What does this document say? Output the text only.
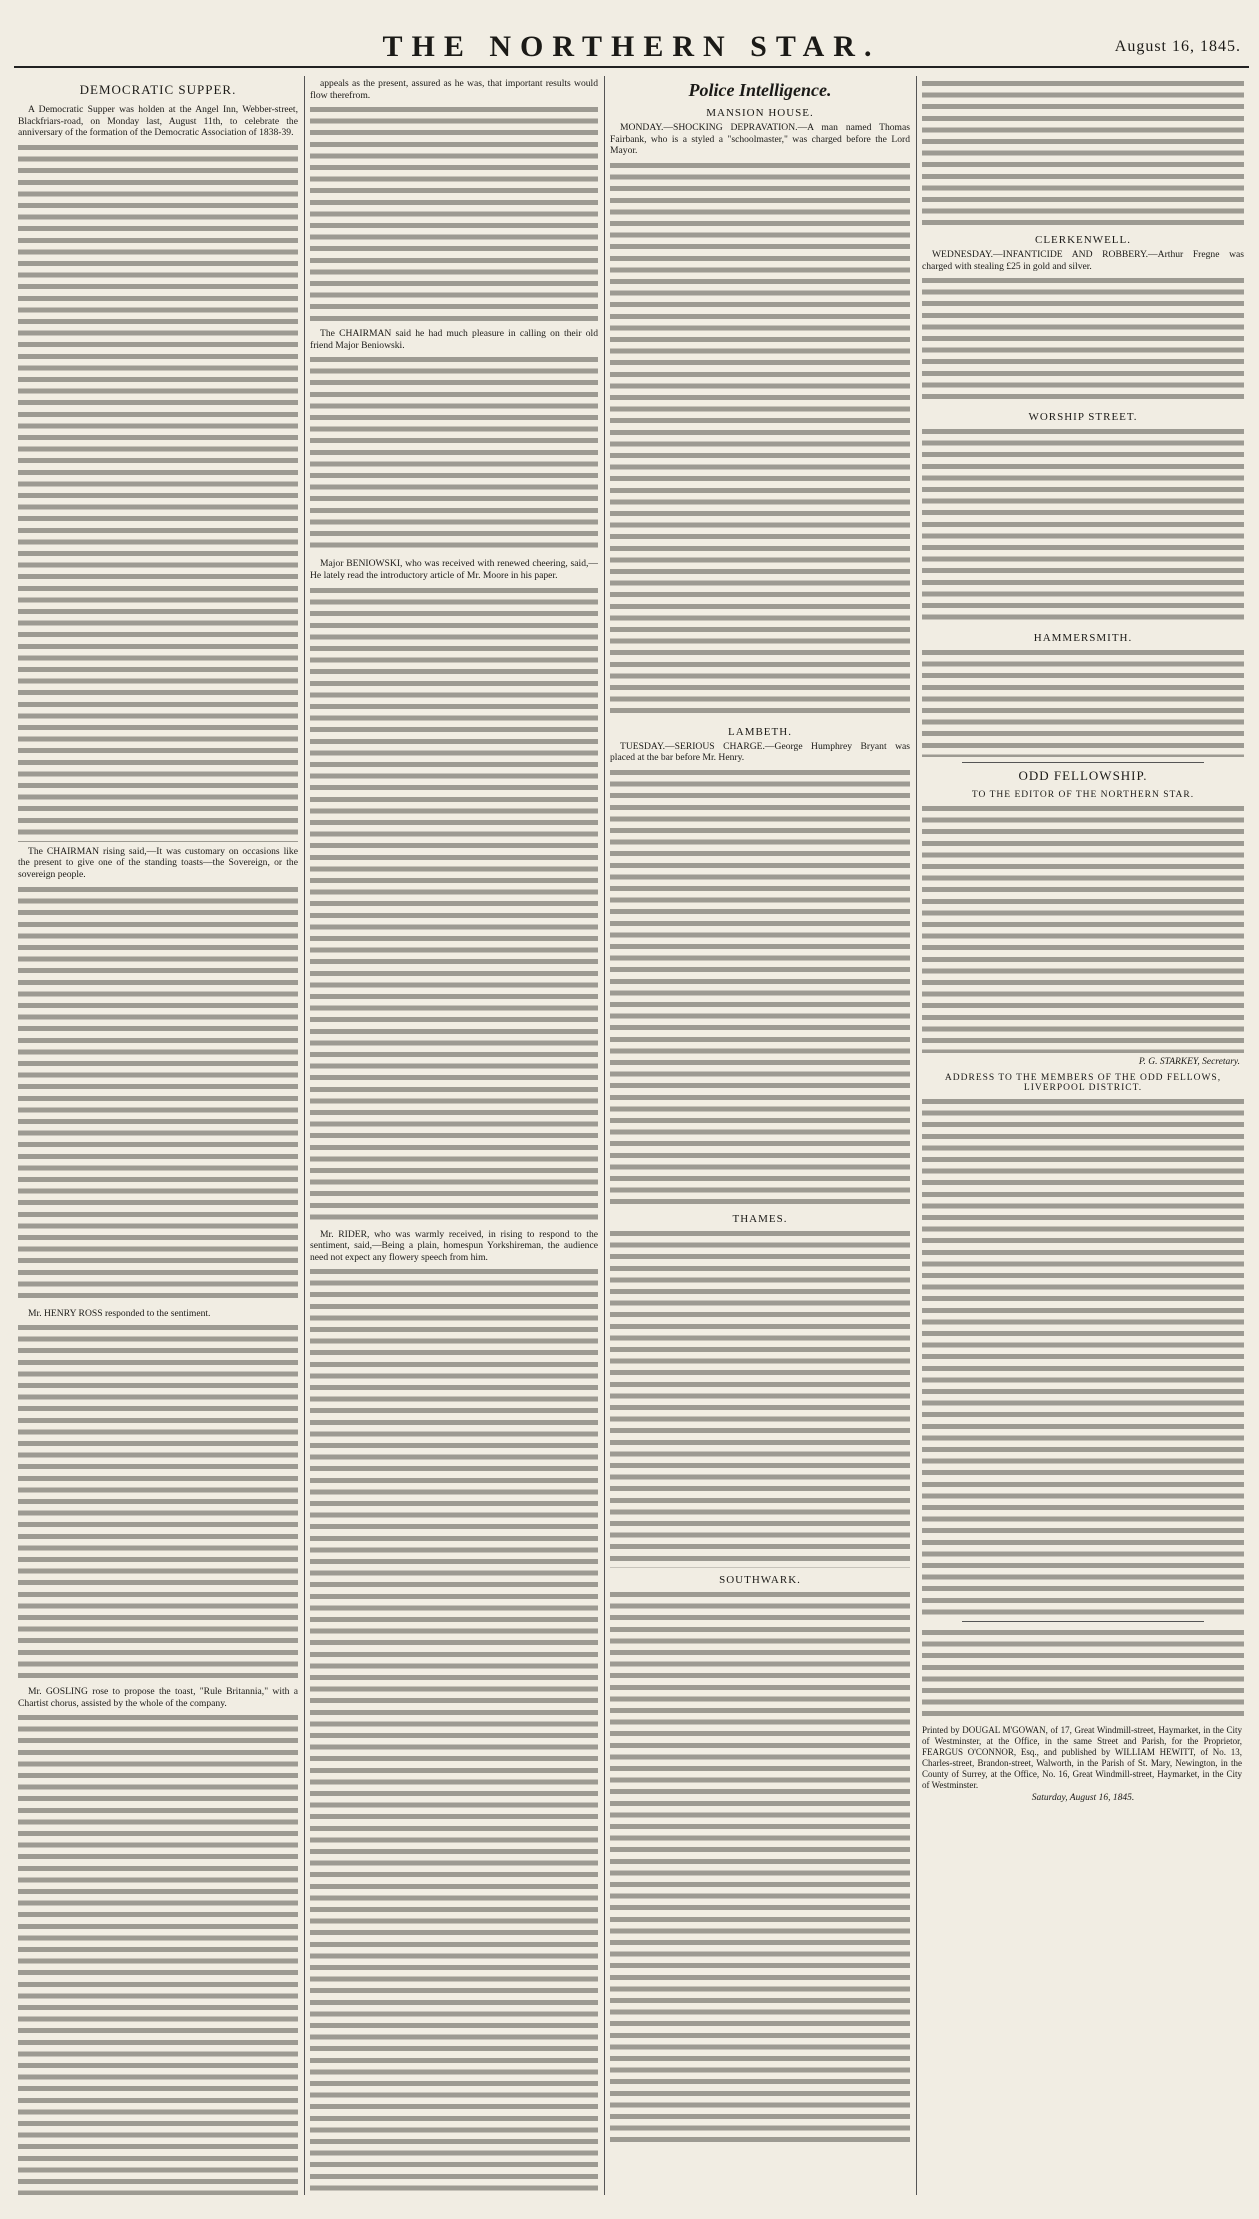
THE NORTHERN STAR.	August 16, 1845.
DEMOCRATIC SUPPER.

A Democratic Supper was holden at the Angel Inn, Webber-street, Blackfriars-road, on Monday last, August 11th, to celebrate the anniversary of the formation of the Democratic Association of 1838-39.

The CHAIRMAN rising said,—It was customary on occasions like the present to give one of the standing toasts—the Sovereign, or the sovereign people.

Mr. HENRY ROSS responded to the sentiment.

Mr. GOSLING rose to propose the toast, "Rule Britannia," with a Chartist chorus, assisted by the whole of the company.

appeals as the present, assured as he was, that important results would flow therefrom.

The CHAIRMAN said he had much pleasure in calling on their old friend Major Beniowski.

Major BENIOWSKI, who was received with renewed cheering, said,—He lately read the introductory article of Mr. Moore in his paper.

Mr. RIDER, who was warmly received, in rising to respond to the sentiment, said,—Being a plain, homespun Yorkshireman, the audience need not expect any flowery speech from him.

Police Intelligence.
MANSION HOUSE.

MONDAY.—SHOCKING DEPRAVATION.—A man named Thomas Fairbank, who is a styled a "schoolmaster," was charged before the Lord Mayor.

LAMBETH.

TUESDAY.—SERIOUS CHARGE.—George Humphrey Bryant was placed at the bar before Mr. Henry.

THAMES.
SOUTHWARK.
CLERKENWELL.

WEDNESDAY.—INFANTICIDE AND ROBBERY.—Arthur Fregne was charged with stealing £25 in gold and silver.

WORSHIP STREET.
HAMMERSMITH.
ODD FELLOWSHIP.
TO THE EDITOR OF THE NORTHERN STAR.
P. G. STARKEY, Secretary.
ADDRESS TO THE MEMBERS OF THE ODD FELLOWS, LIVERPOOL DISTRICT.
Printed by DOUGAL M'GOWAN, of 17, Great Windmill-street, Haymarket, in the City of Westminster, at the Office, in the same Street and Parish, for the Proprietor, FEARGUS O'CONNOR, Esq., and published by WILLIAM HEWITT, of No. 13, Charles-street, Brandon-street, Walworth, in the Parish of St. Mary, Newington, in the County of Surrey, at the Office, No. 16, Great Windmill-street, Haymarket, in the City of Westminster.
Saturday, August 16, 1845.
